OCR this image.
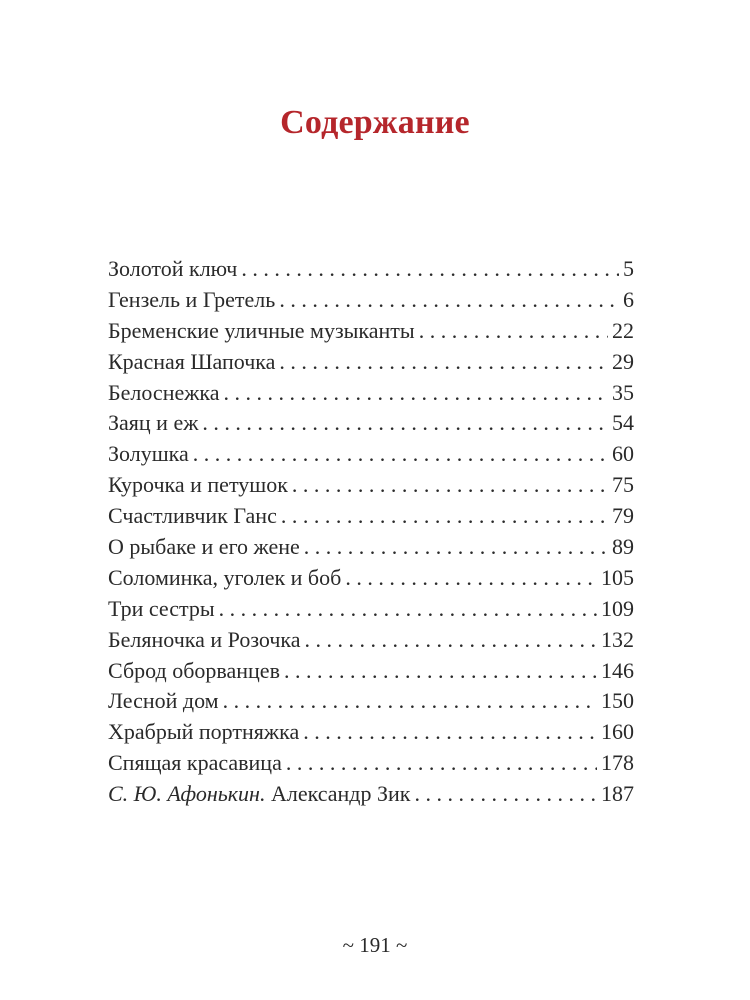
Содержание
Золотой ключ . . .	5
Гензель и Гретель . . .	6
Бременские уличные музыканты . . .	22
Красная Шапочка . . .	29
Белоснежка . . .	35
Заяц и еж . . .	54
Золушка . . .	60
Курочка и петушок . . .	75
Счастливчик Ганс . . .	79
О рыбаке и его жене . . .	89
Соломинка, уголек и боб . . .	105
Три сестры . . .	109
Беляночка и Розочка . . .	132
Сброд оборванцев . . .	146
Лесной дом . . .	150
Храбрый портняжка . . .	160
Спящая красавица . . .	178
С. Ю. Афонькин. Александр Зик . . .	187
~ 191 ~
